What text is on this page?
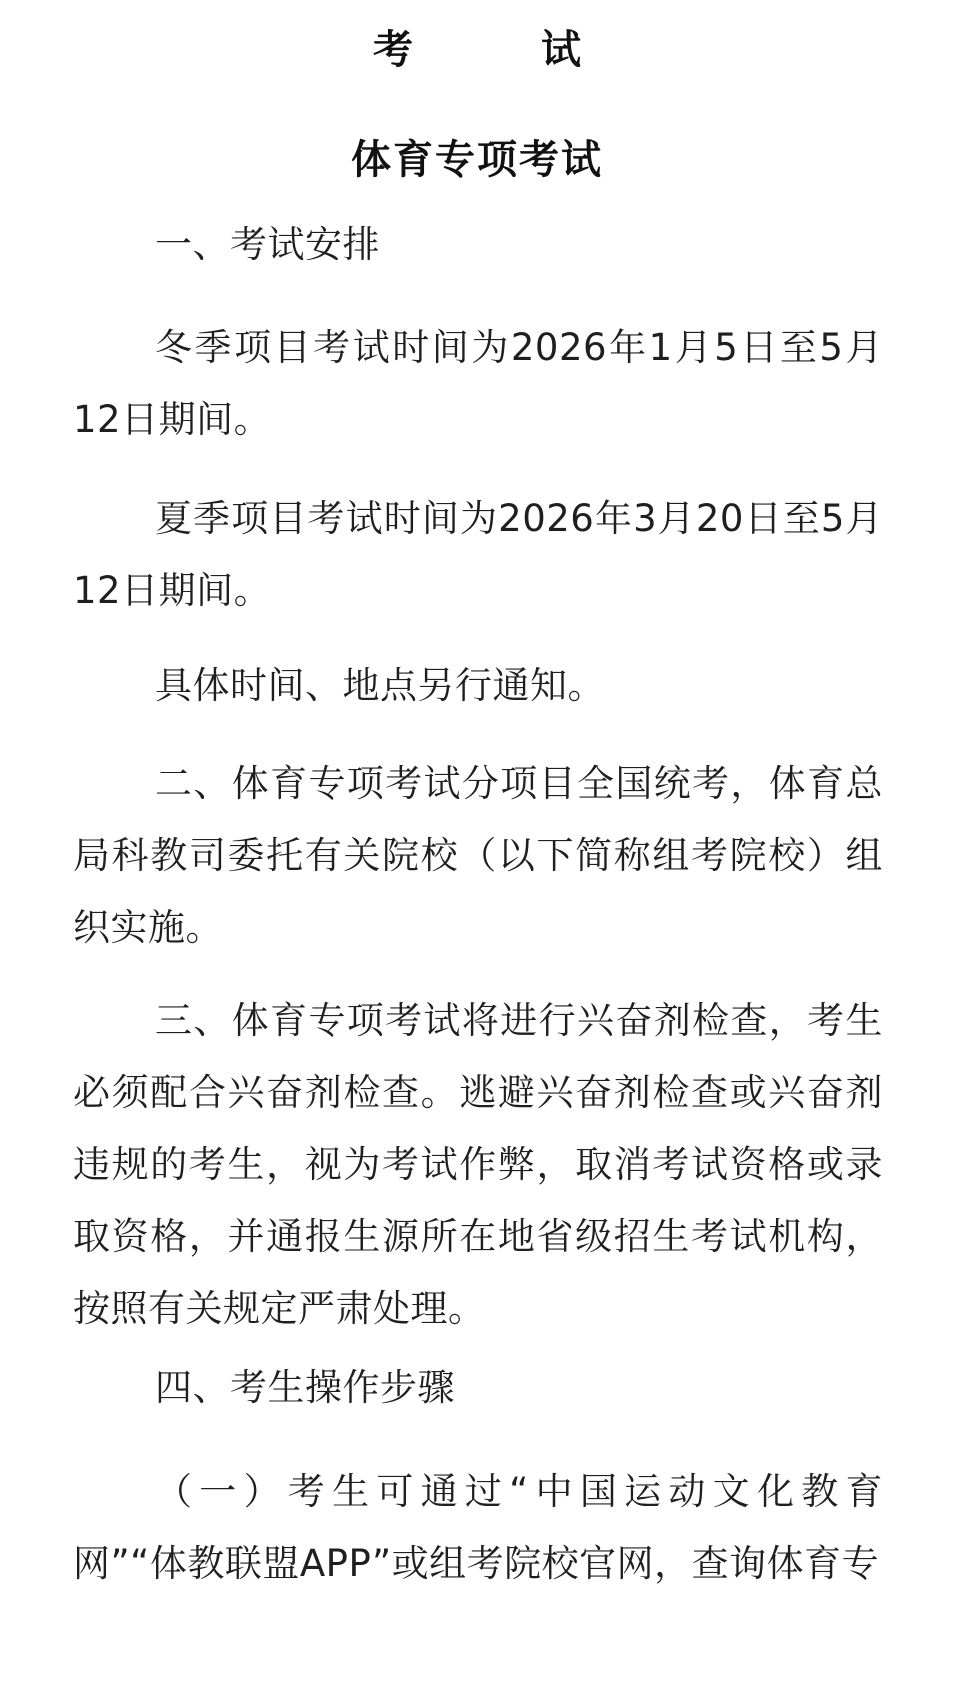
考　试
体育专项考试

一、考试安排

冬季项目考试时间为2026年1月5日至5月12日期间。

夏季项目考试时间为2026年3月20日至5月12日期间。

具体时间、地点另行通知。

二、体育专项考试分项目全国统考，体育总局科教司委托有关院校（以下简称组考院校）组织实施。

三、体育专项考试将进行兴奋剂检查，考生必须配合兴奋剂检查。逃避兴奋剂检查或兴奋剂违规的考生，视为考试作弊，取消考试资格或录取资格，并通报生源所在地省级招生考试机构，按照有关规定严肃处理。

四、考生操作步骤

（一）考生可通过“中国运动文化教育网”“体教联盟APP”或组考院校官网，查询体育专
